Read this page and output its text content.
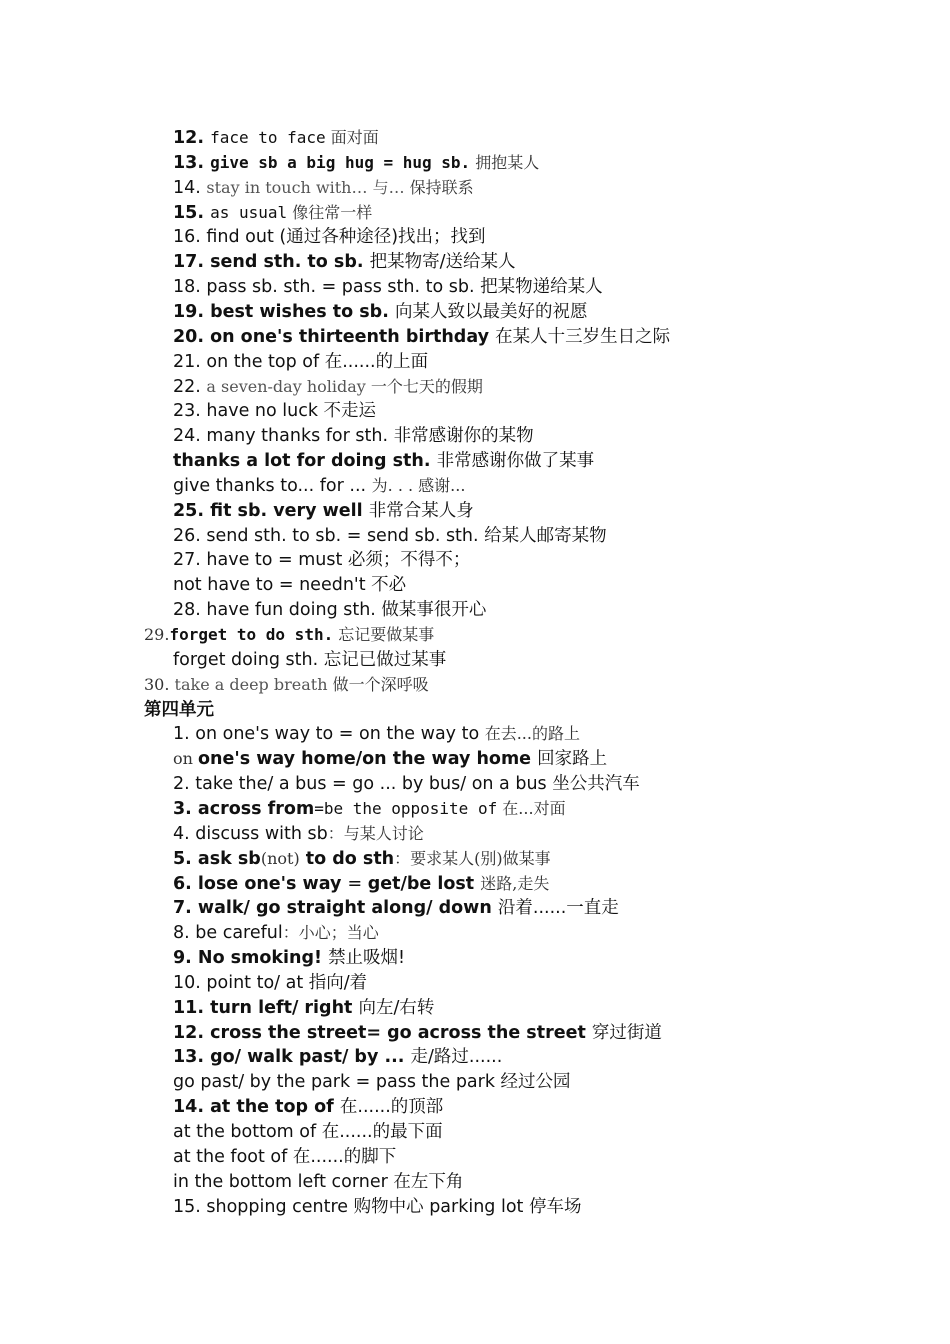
12. face to face 面对面
13. give sb a big hug = hug sb. 拥抱某人
14. stay in touch with… 与… 保持联系
15. as usual 像往常一样
16. find out (通过各种途径)找出；找到
17. send sth. to sb. 把某物寄/送给某人
18. pass sb. sth. = pass sth. to sb. 把某物递给某人
19. best wishes to sb. 向某人致以最美好的祝愿
20. on one's thirteenth birthday 在某人十三岁生日之际
21. on the top of 在......的上面
22. a seven-day holiday 一个七天的假期
23. have no luck 不走运
24. many thanks for sth. 非常感谢你的某物
thanks a lot for doing sth. 非常感谢你做了某事
give thanks to... for ... 为. . . 感谢...
25. fit sb. very well 非常合某人身
26. send sth. to sb. = send sb. sth. 给某人邮寄某物
27. have to = must 必须；不得不；
not have to = needn't 不必
28. have fun doing sth. 做某事很开心
29.forget to do sth. 忘记要做某事
forget doing sth. 忘记已做过某事
30. take a deep breath 做一个深呼吸
第四单元
1. on one's way to = on the way to 在去...的路上
on one's way home/on the way home 回家路上
2. take the/ a bus = go ... by bus/ on a bus 坐公共汽车
3. across from=be the opposite of 在...对面
4. discuss with sb：与某人讨论
5. ask sb(not) to do sth：要求某人(别)做某事
6. lose one's way = get/be lost 迷路,走失
7. walk/ go straight along/ down 沿着......一直走
8. be careful：小心；当心
9. No smoking! 禁止吸烟!
10. point to/ at 指向/着
11. turn left/ right 向左/右转
12. cross the street= go across the street 穿过街道
13. go/ walk past/ by ... 走/路过......
go past/ by the park = pass the park 经过公园
14. at the top of 在......的顶部
at the bottom of 在......的最下面
at the foot of 在......的脚下
in the bottom left corner 在左下角
15. shopping centre 购物中心 parking lot 停车场
